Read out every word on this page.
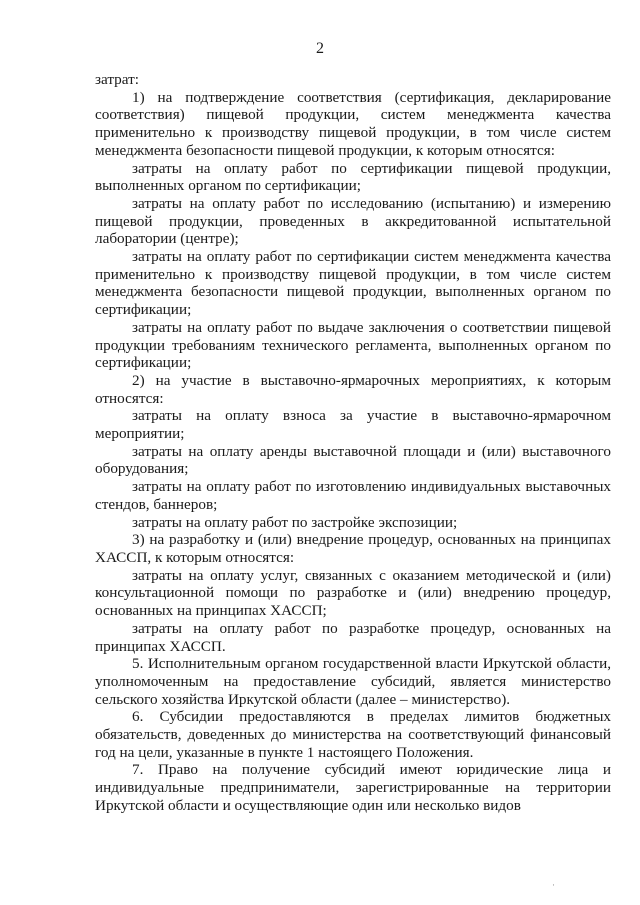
2

затрат:

1) на подтверждение соответствия (сертификация, декларирование соответствия) пищевой продукции, систем менеджмента качества применительно к производству пищевой продукции, в том числе систем менеджмента безопасности пищевой продукции, к которым относятся:

затраты на оплату работ по сертификации пищевой продукции, выполненных органом по сертификации;

затраты на оплату работ по исследованию (испытанию) и измерению пищевой продукции, проведенных в аккредитованной испытательной лаборатории (центре);

затраты на оплату работ по сертификации систем менеджмента качества применительно к производству пищевой продукции, в том числе систем менеджмента безопасности пищевой продукции, выполненных органом по сертификации;

затраты на оплату работ по выдаче заключения о соответствии пищевой продукции требованиям технического регламента, выполненных органом по сертификации;

2) на участие в выставочно-ярмарочных мероприятиях, к которым относятся:

затраты на оплату взноса за участие в выставочно-ярмарочном мероприятии;

затраты на оплату аренды выставочной площади и (или) выставочного оборудования;

затраты на оплату работ по изготовлению индивидуальных выставочных стендов, баннеров;

затраты на оплату работ по застройке экспозиции;

3) на разработку и (или) внедрение процедур, основанных на принципах ХАССП, к которым относятся:

затраты на оплату услуг, связанных с оказанием методической и (или) консультационной помощи по разработке и (или) внедрению процедур, основанных на принципах ХАССП;

затраты на оплату работ по разработке процедур, основанных на принципах ХАССП.

5. Исполнительным органом государственной власти Иркутской области, уполномоченным на предоставление субсидий, является министерство сельского хозяйства Иркутской области (далее – министерство).

6. Субсидии предоставляются в пределах лимитов бюджетных обязательств, доведенных до министерства на соответствующий финансовый год на цели, указанные в пункте 1 настоящего Положения.

7. Право на получение субсидий имеют юридические лица и индивидуальные предприниматели, зарегистрированные на территории Иркутской области и осуществляющие один или несколько видов

·
